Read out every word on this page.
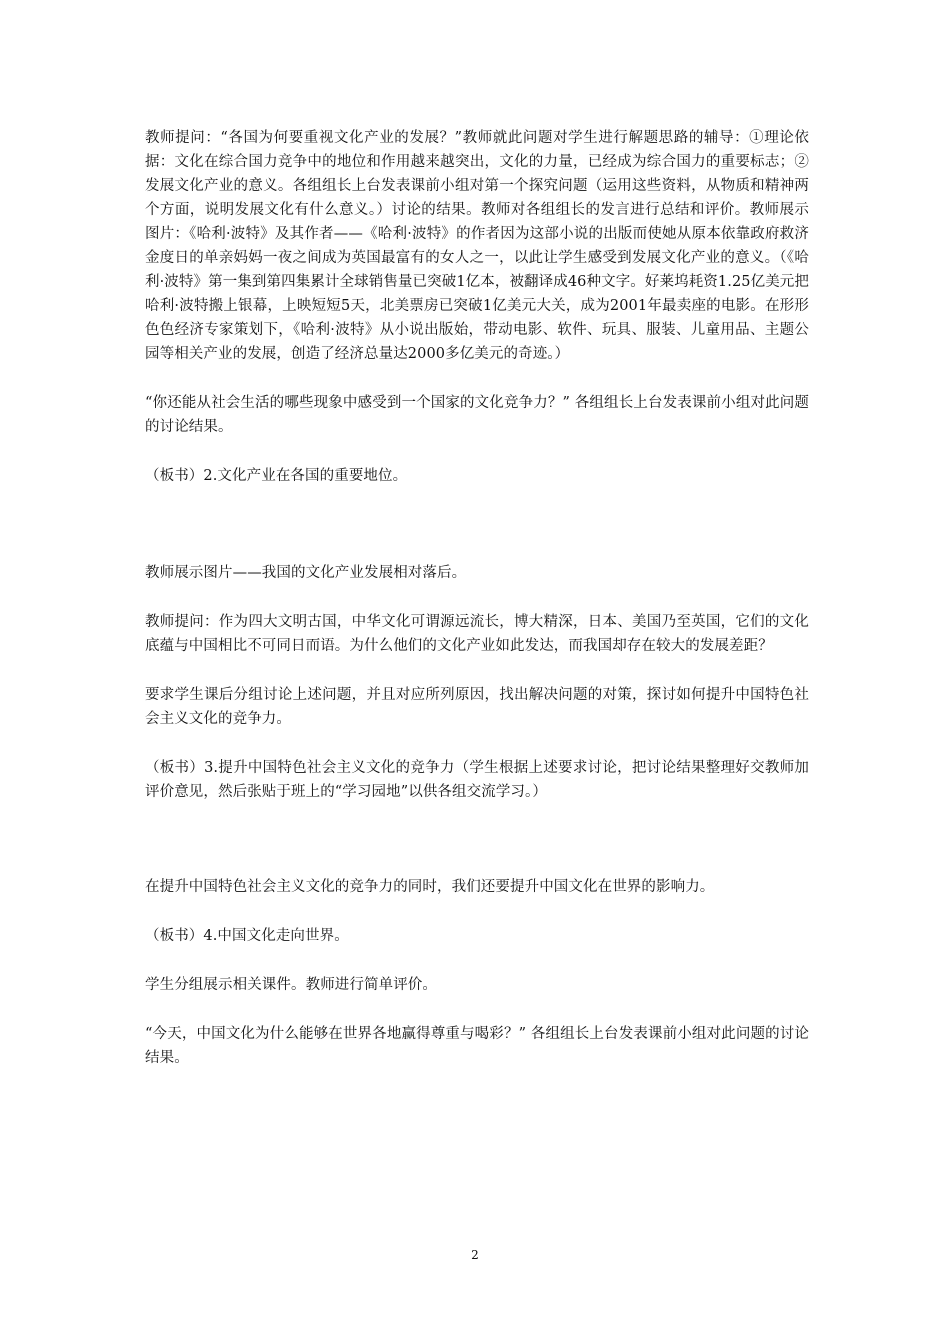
教师提问：“各国为何要重视文化产业的发展？”教师就此问题对学生进行解题思路的辅导：①理论依据：文化在综合国力竞争中的地位和作用越来越突出，文化的力量，已经成为综合国力的重要标志；②发展文化产业的意义。各组组长上台发表课前小组对第一个探究问题（运用这些资料，从物质和精神两个方面，说明发展文化有什么意义。）讨论的结果。教师对各组组长的发言进行总结和评价。教师展示图片：《哈利·波特》及其作者——《哈利·波特》的作者因为这部小说的出版而使她从原本依靠政府救济金度日的单亲妈妈一夜之间成为英国最富有的女人之一，以此让学生感受到发展文化产业的意义。（《哈利·波特》第一集到第四集累计全球销售量已突破1亿本，被翻译成46种文字。好莱坞耗资1.25亿美元把哈利·波特搬上银幕，上映短短5天，北美票房已突破1亿美元大关，成为2001年最卖座的电影。在形形色色经济专家策划下，《哈利·波特》从小说出版始，带动电影、软件、玩具、服装、儿童用品、主题公园等相关产业的发展，创造了经济总量达2000多亿美元的奇迹。）

“你还能从社会生活的哪些现象中感受到一个国家的文化竞争力？” 各组组长上台发表课前小组对此问题的讨论结果。

（板书）2.文化产业在各国的重要地位。

教师展示图片——我国的文化产业发展相对落后。

教师提问：作为四大文明古国，中华文化可谓源远流长，博大精深，日本、美国乃至英国，它们的文化底蕴与中国相比不可同日而语。为什么他们的文化产业如此发达，而我国却存在较大的发展差距？

要求学生课后分组讨论上述问题，并且对应所列原因，找出解决问题的对策，探讨如何提升中国特色社会主义文化的竞争力。

（板书）3.提升中国特色社会主义文化的竞争力（学生根据上述要求讨论，把讨论结果整理好交教师加评价意见，然后张贴于班上的“学习园地”以供各组交流学习。）

在提升中国特色社会主义文化的竞争力的同时，我们还要提升中国文化在世界的影响力。

（板书）4.中国文化走向世界。

学生分组展示相关课件。教师进行简单评价。

“今天，中国文化为什么能够在世界各地赢得尊重与喝彩？” 各组组长上台发表课前小组对此问题的讨论结果。

2
